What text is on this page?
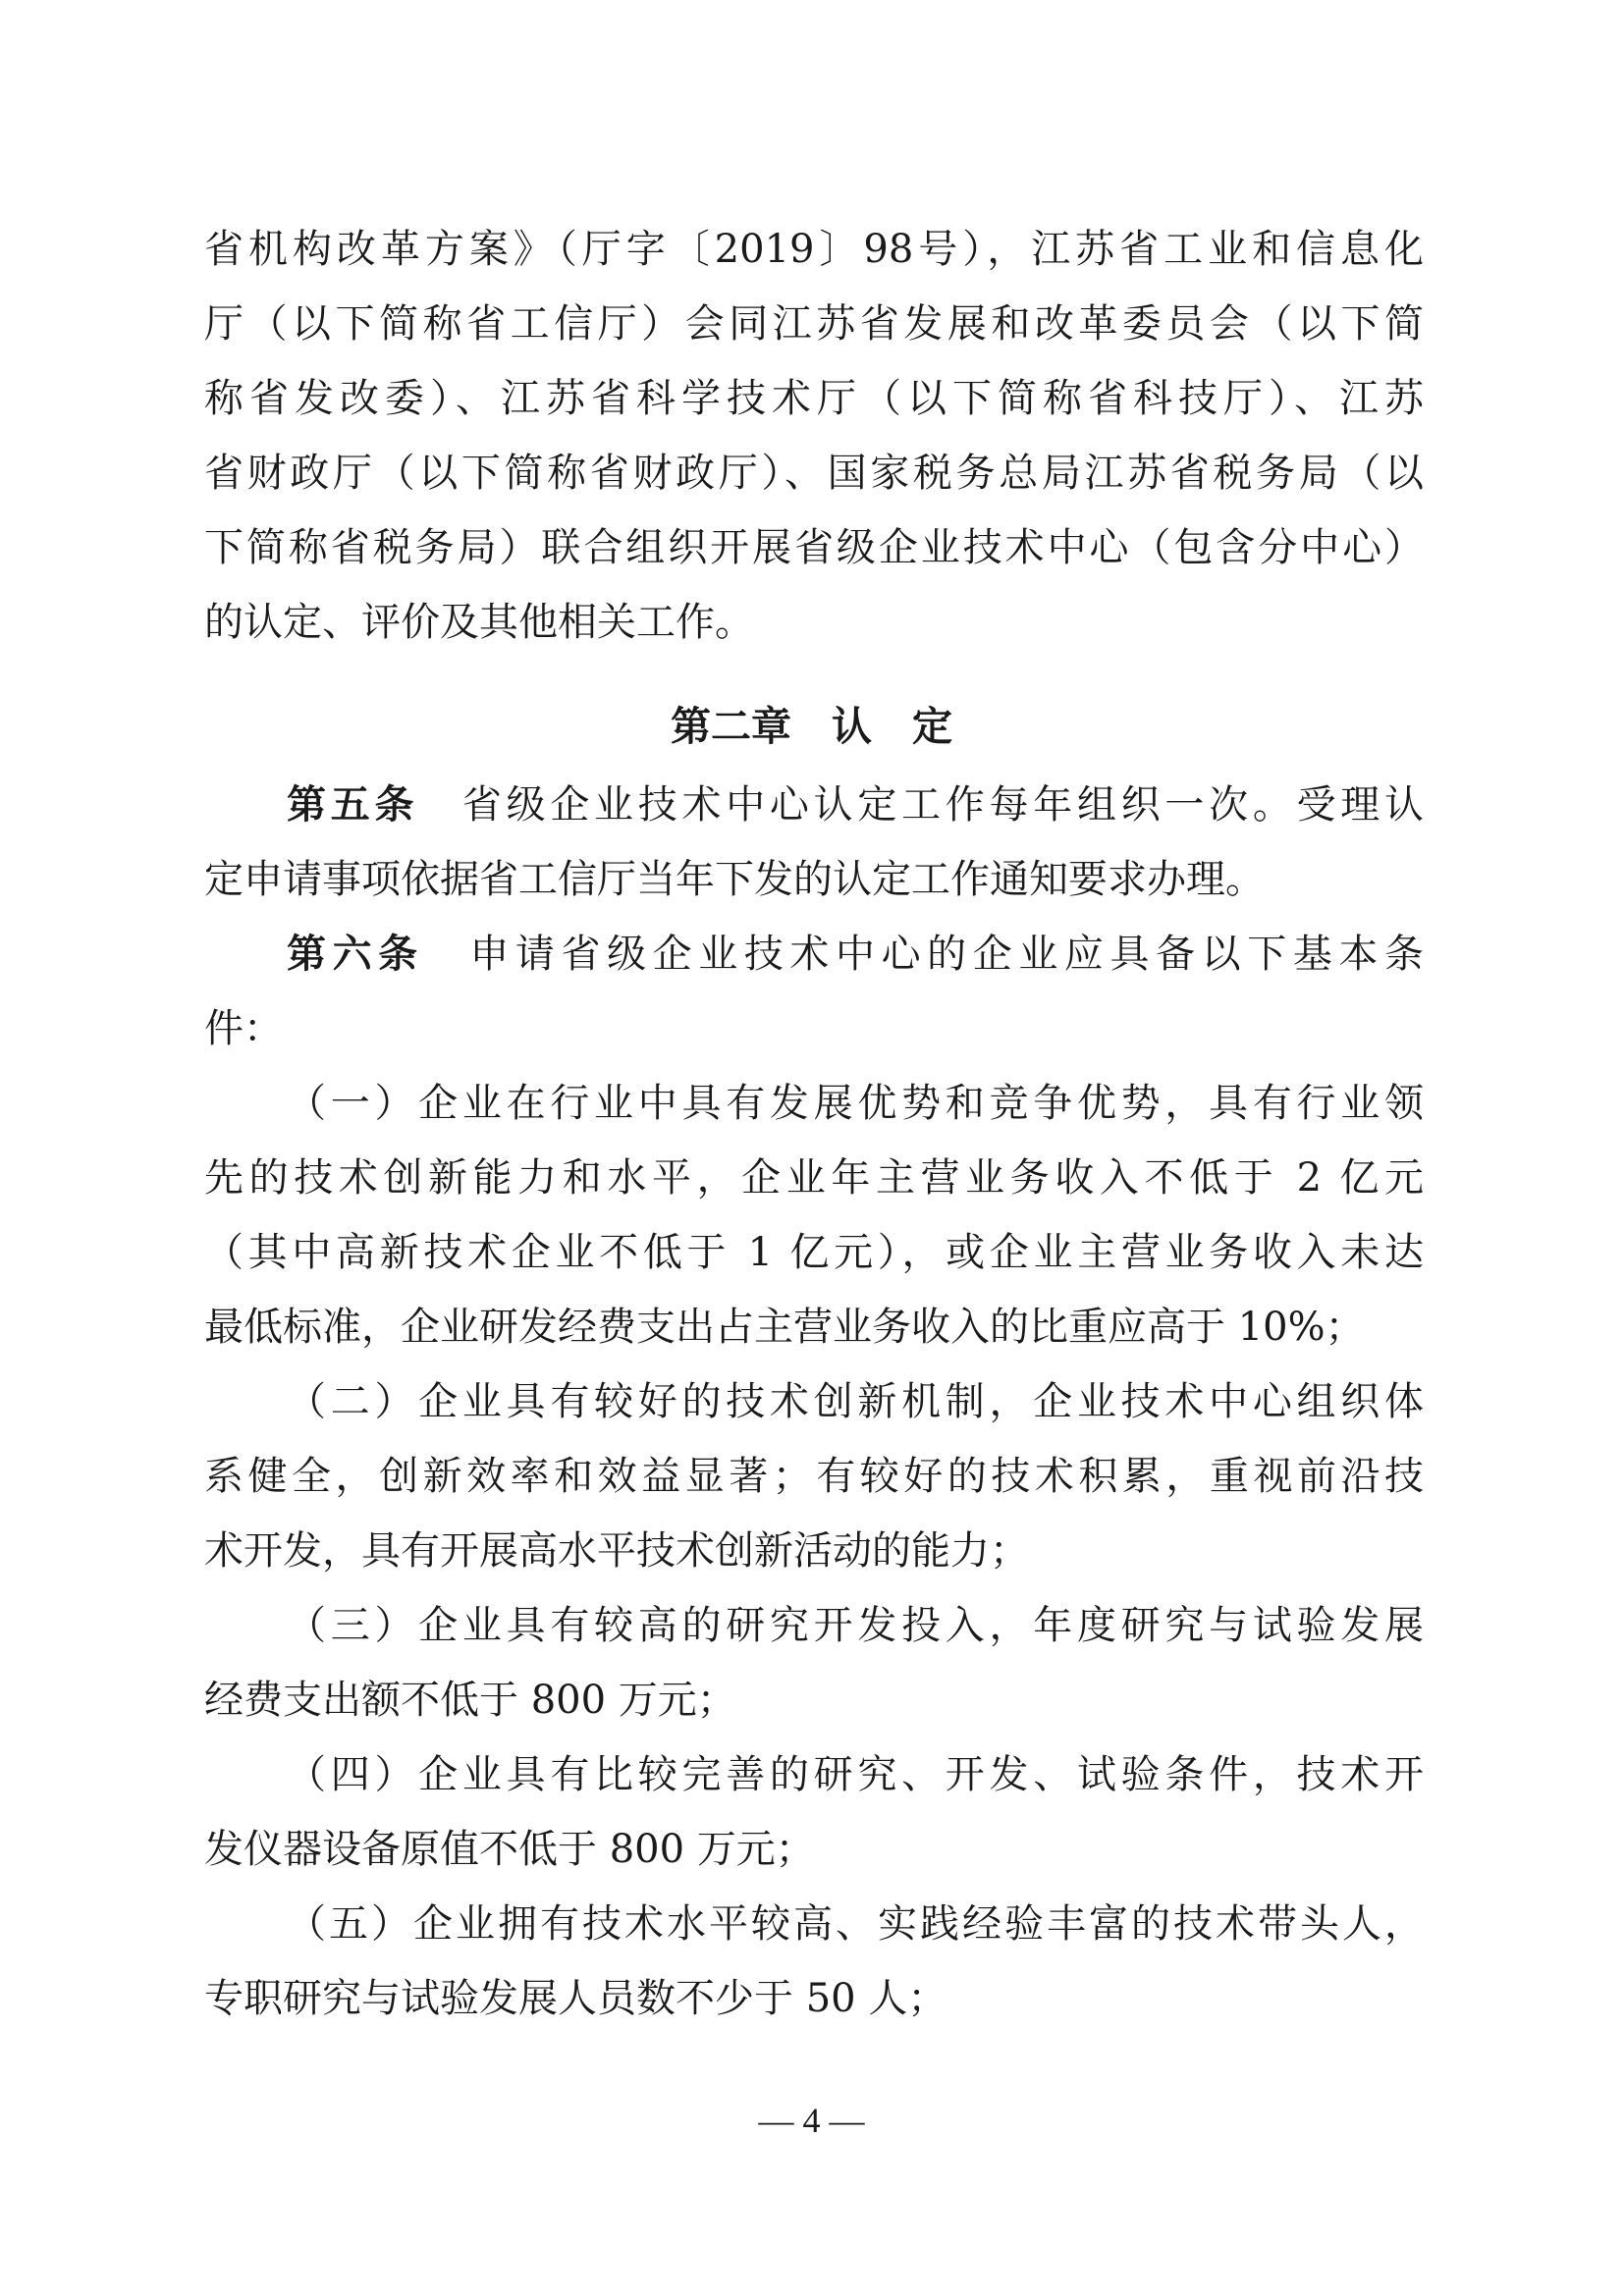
省机构改革方案》（厅字〔2019〕98号），江苏省工业和信息化
厅（以下简称省工信厅）会同江苏省发展和改革委员会（以下简
称省发改委）、江苏省科学技术厅（以下简称省科技厅）、江苏
省财政厅（以下简称省财政厅）、国家税务总局江苏省税务局（以
下简称省税务局）联合组织开展省级企业技术中心（包含分中心）
的认定、评价及其他相关工作。
第二章　认　定
第五条 省级企业技术中心认定工作每年组织一次。受理认
定申请事项依据省工信厅当年下发的认定工作通知要求办理。
第六条 申请省级企业技术中心的企业应具备以下基本条
件：
（一）企业在行业中具有发展优势和竞争优势，具有行业领
先的技术创新能力和水平，企业年主营业务收入不低于 2 亿元
（其中高新技术企业不低于 1 亿元），或企业主营业务收入未达
最低标准，企业研发经费支出占主营业务收入的比重应高于 10%；
（二）企业具有较好的技术创新机制，企业技术中心组织体
系健全，创新效率和效益显著；有较好的技术积累，重视前沿技
术开发，具有开展高水平技术创新活动的能力；
（三）企业具有较高的研究开发投入，年度研究与试验发展
经费支出额不低于 800 万元；
（四）企业具有比较完善的研究、开发、试验条件，技术开
发仪器设备原值不低于 800 万元；
（五）企业拥有技术水平较高、实践经验丰富的技术带头人，
专职研究与试验发展人员数不少于 50 人；
— 4 —
